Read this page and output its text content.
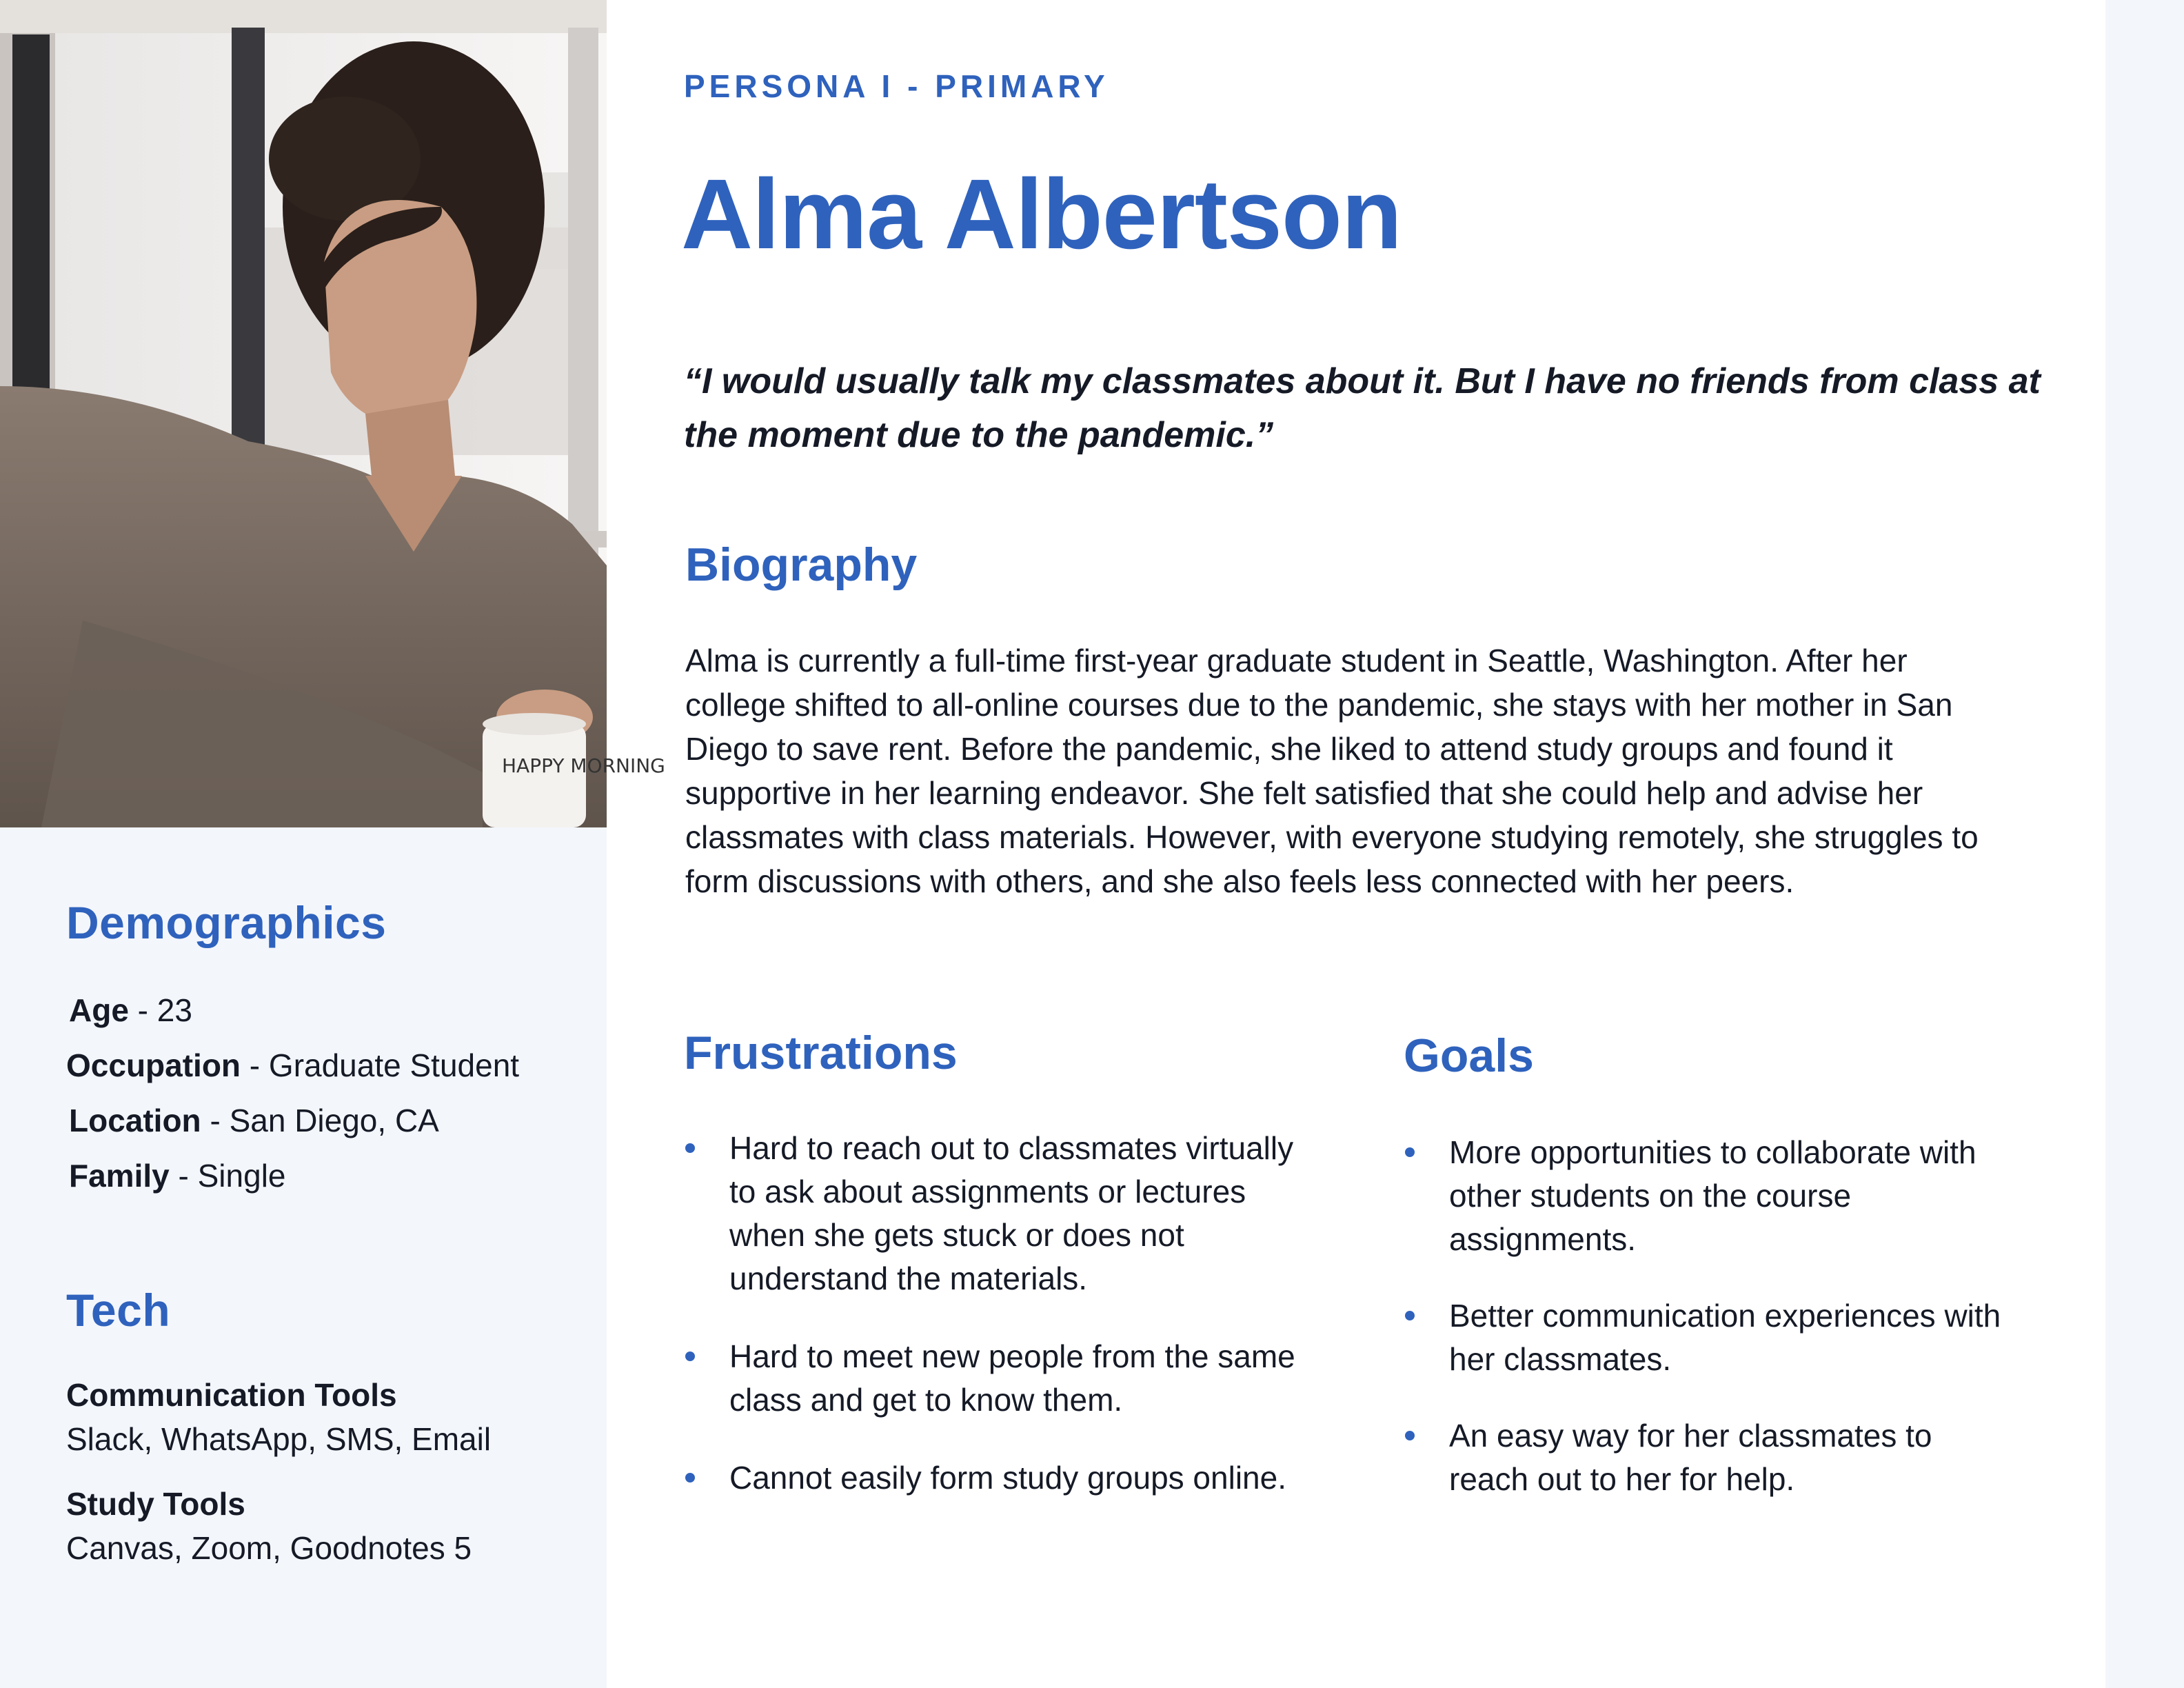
HAPPY MORNING
Demographics
Age - 23
Occupation - Graduate Student
Location - San Diego, CA
Family - Single
Tech
Communication Tools
Slack, WhatsApp, SMS, Email
Study Tools
Canvas, Zoom, Goodnotes 5
PERSONA I - PRIMARY
Alma Albertson
“I would usually talk my classmates about it. But I have no friends from class at the moment due to the pandemic.”
Biography
Alma is currently a full-time first-year graduate student in Seattle, Washington. After her college shifted to all-online courses due to the pandemic, she stays with her mother in San Diego to save rent. Before the pandemic, she liked to attend study groups and found it supportive in her learning endeavor. She felt satisfied that she could help and advise her classmates with class materials. However, with everyone studying remotely, she struggles to form discussions with others, and she also feels less connected with her peers.
Frustrations
Hard to reach out to classmates virtually to ask about assignments or lectures when she gets stuck or does not understand the materials.
Hard to meet new people from the same class and get to know them.
Cannot easily form study groups online.
Goals
More opportunities to collaborate with other students on the course assignments.
Better communication experiences with her classmates.
An easy way for her classmates to reach out to her for help.
